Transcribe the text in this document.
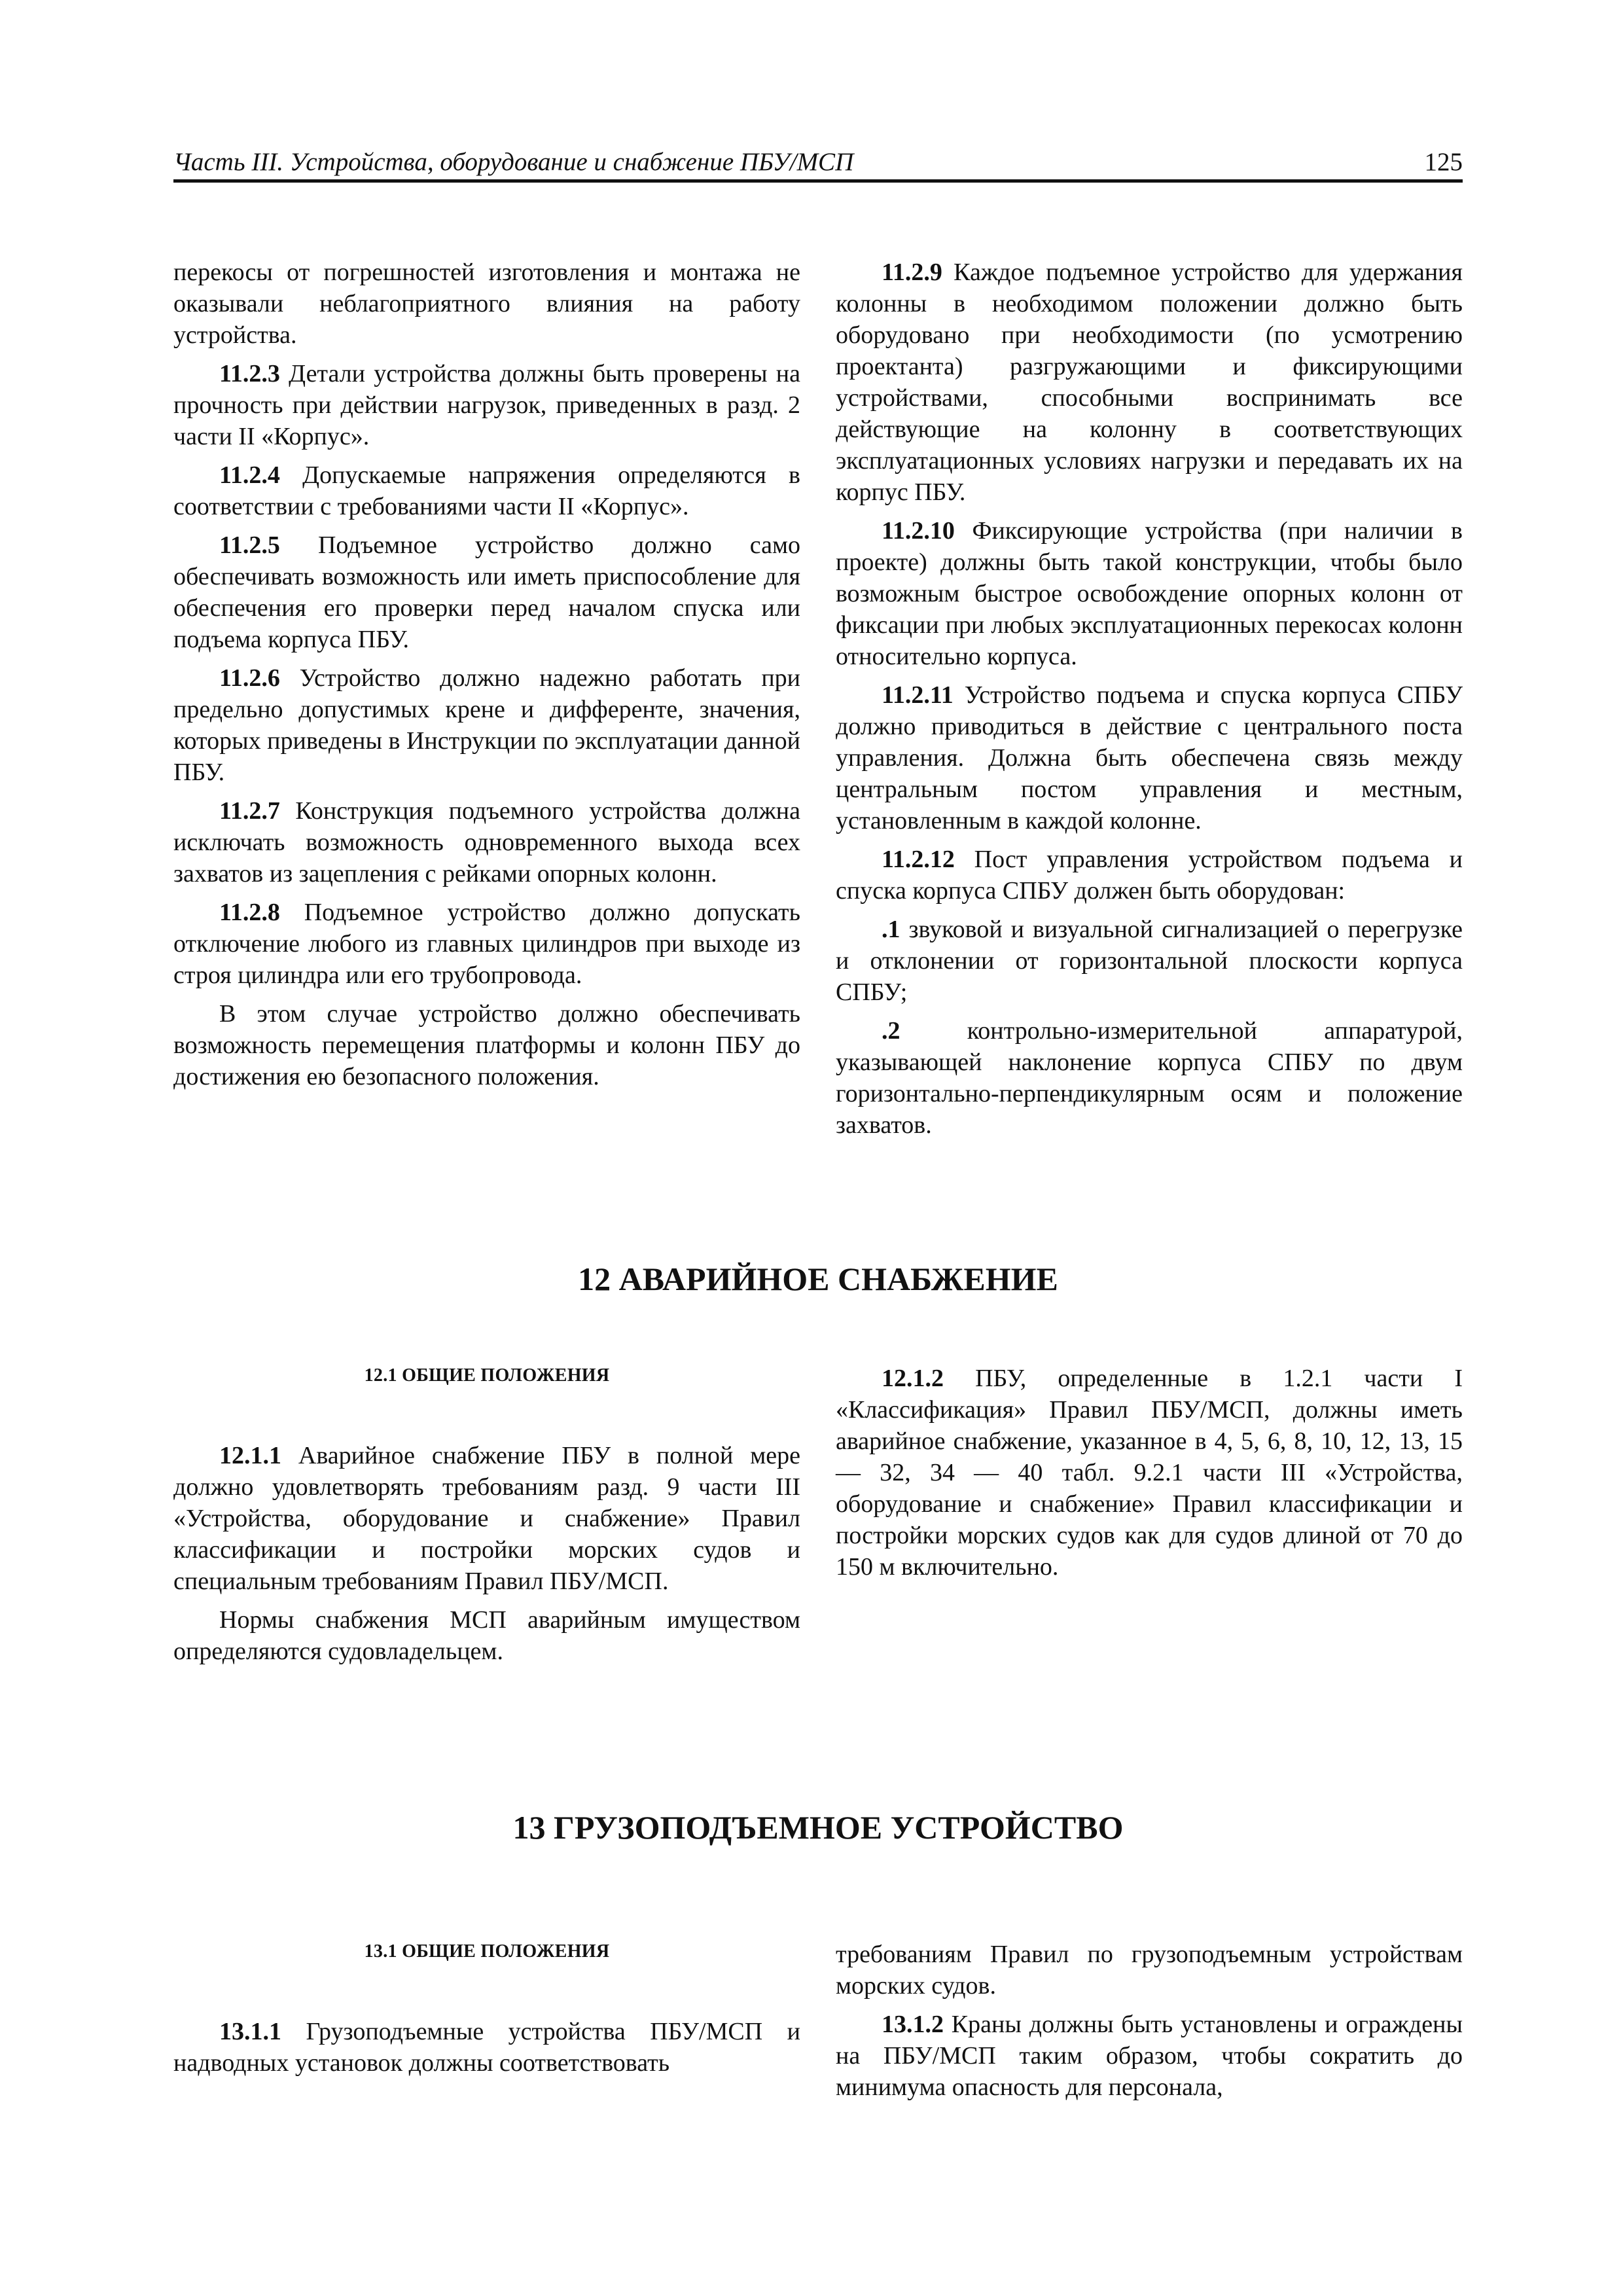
Часть III. Устройства, оборудование и снабжение ПБУ/МСП	125

перекосы от погрешностей изготовления и монтажа не оказывали неблагоприятного влияния на работу устройства.

11.2.3 Детали устройства должны быть проверены на прочность при действии нагрузок, приведенных в разд. 2 части II «Корпус».

11.2.4 Допускаемые напряжения определяются в соответствии с требованиями части II «Корпус».

11.2.5 Подъемное устройство должно само обеспечивать возможность или иметь приспособление для обеспечения его проверки перед началом спуска или подъема корпуса ПБУ.

11.2.6 Устройство должно надежно работать при предельно допустимых крене и дифференте, значения, которых приведены в Инструкции по эксплуатации данной ПБУ.

11.2.7 Конструкция подъемного устройства должна исключать возможность одновременного выхода всех захватов из зацепления с рейками опорных колонн.

11.2.8 Подъемное устройство должно допускать отключение любого из главных цилиндров при выходе из строя цилиндра или его трубопровода.

В этом случае устройство должно обеспечивать возможность перемещения платформы и колонн ПБУ до достижения ею безопасного положения.

11.2.9 Каждое подъемное устройство для удержания колонны в необходимом положении должно быть оборудовано при необходимости (по усмотрению проектанта) разгружающими и фиксирующими устройствами, способными воспринимать все действующие на колонну в соответствующих эксплуатационных условиях нагрузки и передавать их на корпус ПБУ.

11.2.10 Фиксирующие устройства (при наличии в проекте) должны быть такой конструкции, чтобы было возможным быстрое освобождение опорных колонн от фиксации при любых эксплуатационных перекосах колонн относительно корпуса.

11.2.11 Устройство подъема и спуска корпуса СПБУ должно приводиться в действие с центрального поста управления. Должна быть обеспечена связь между центральным постом управления и местным, установленным в каждой колонне.

11.2.12 Пост управления устройством подъема и спуска корпуса СПБУ должен быть оборудован:

.1 звуковой и визуальной сигнализацией о перегрузке и отклонении от горизонтальной плоскости корпуса СПБУ;

.2 контрольно-измерительной аппаратурой, указывающей наклонение корпуса СПБУ по двум горизонтально-перпендикулярным осям и положение захватов.

12 АВАРИЙНОЕ СНАБЖЕНИЕ
12.1 ОБЩИЕ ПОЛОЖЕНИЯ

12.1.1 Аварийное снабжение ПБУ в полной мере должно удовлетворять требованиям разд. 9 части III «Устройства, оборудование и снабжение» Правил классификации и постройки морских судов и специальным требованиям Правил ПБУ/МСП.

Нормы снабжения МСП аварийным имуществом определяются судовладельцем.

12.1.2 ПБУ, определенные в 1.2.1 части I «Классификация» Правил ПБУ/МСП, должны иметь аварийное снабжение, указанное в 4, 5, 6, 8, 10, 12, 13, 15 — 32, 34 — 40 табл. 9.2.1 части III «Устройства, оборудование и снабжение» Правил классификации и постройки морских судов как для судов длиной от 70 до 150 м включительно.

13 ГРУЗОПОДЪЕМНОЕ УСТРОЙСТВО
13.1 ОБЩИЕ ПОЛОЖЕНИЯ

13.1.1 Грузоподъемные устройства ПБУ/МСП и надводных установок должны соответствовать

требованиям Правил по грузоподъемным устройствам морских судов.

13.1.2 Краны должны быть установлены и ограждены на ПБУ/МСП таким образом, чтобы сократить до минимума опасность для персонала,
